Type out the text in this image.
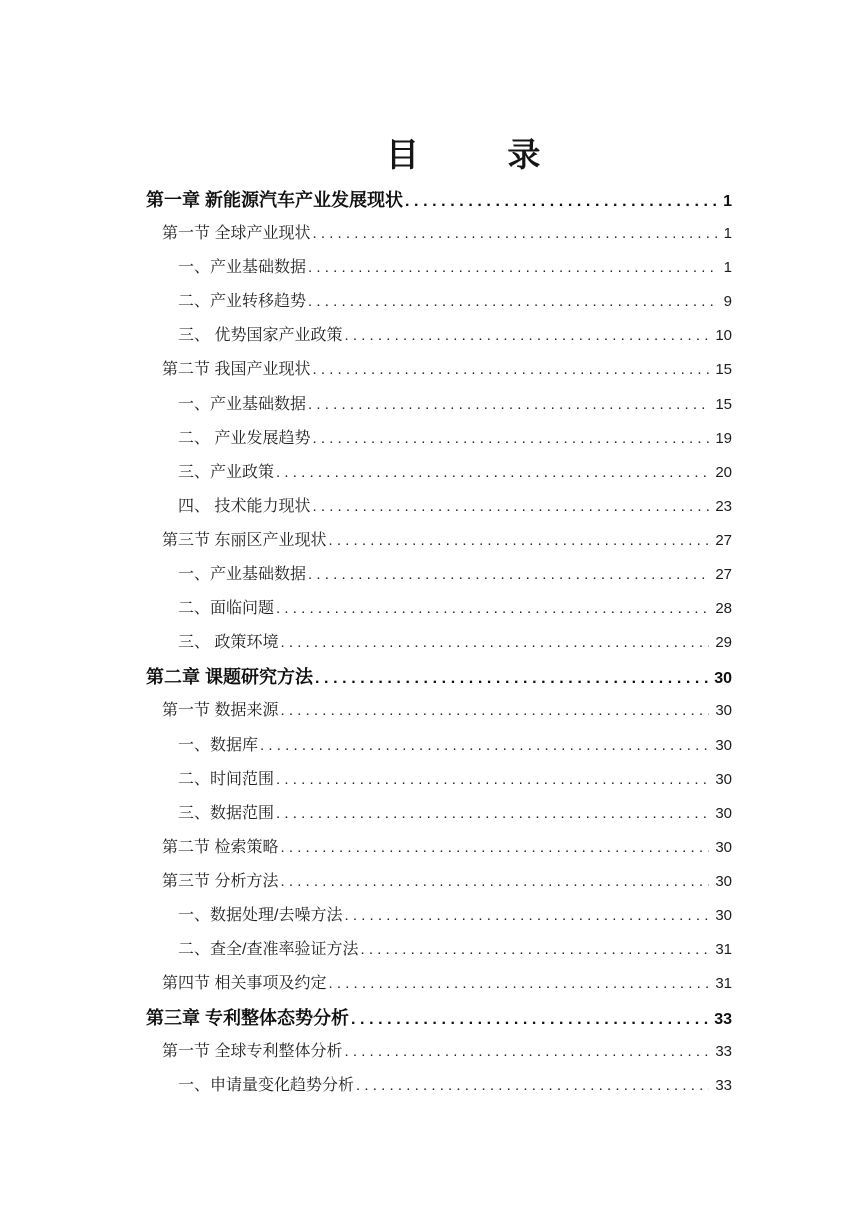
目  录
第一章 新能源汽车产业发展现状 .....	1
第一节 全球产业现状 .....	1
一、产业基础数据 .....	1
二、产业转移趋势 .....	9
三、 优势国家产业政策 .....	10
第二节 我国产业现状 .....	15
一、产业基础数据 .....	15
二、 产业发展趋势 .....	19
三、产业政策 .....	20
四、 技术能力现状 .....	23
第三节 东丽区产业现状 .....	27
一、产业基础数据 .....	27
二、面临问题 .....	28
三、 政策环境 .....	29
第二章 课题研究方法 .....	30
第一节 数据来源 .....	30
一、数据库 .....	30
二、时间范围 .....	30
三、数据范围 .....	30
第二节 检索策略 .....	30
第三节 分析方法 .....	30
一、数据处理/去噪方法 .....	30
二、查全/查准率验证方法 .....	31
第四节 相关事项及约定 .....	31
第三章 专利整体态势分析 .....	33
第一节 全球专利整体分析 .....	33
一、申请量变化趋势分析 .....	33
